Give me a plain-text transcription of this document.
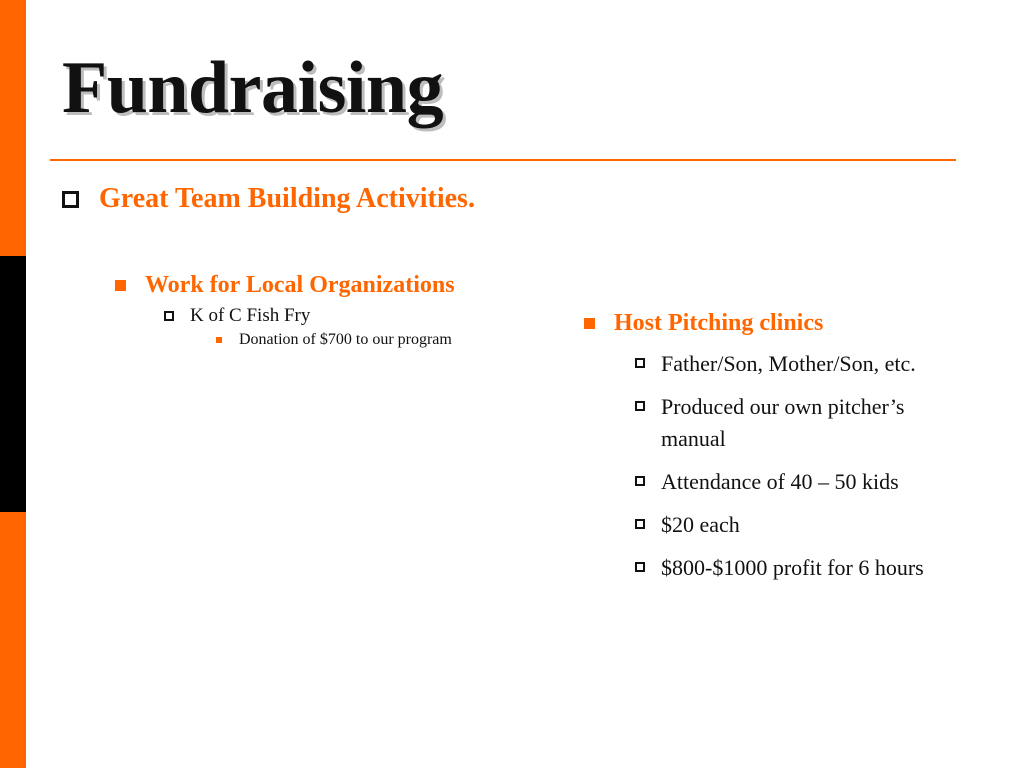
Fundraising
Great Team Building Activities.
Work for Local Organizations
K of C Fish Fry
Donation of $700 to our program
Host Pitching clinics
Father/Son, Mother/Son, etc.
Produced our own pitcher’s manual
Attendance of 40 – 50 kids
$20 each
$800-$1000 profit for 6 hours
